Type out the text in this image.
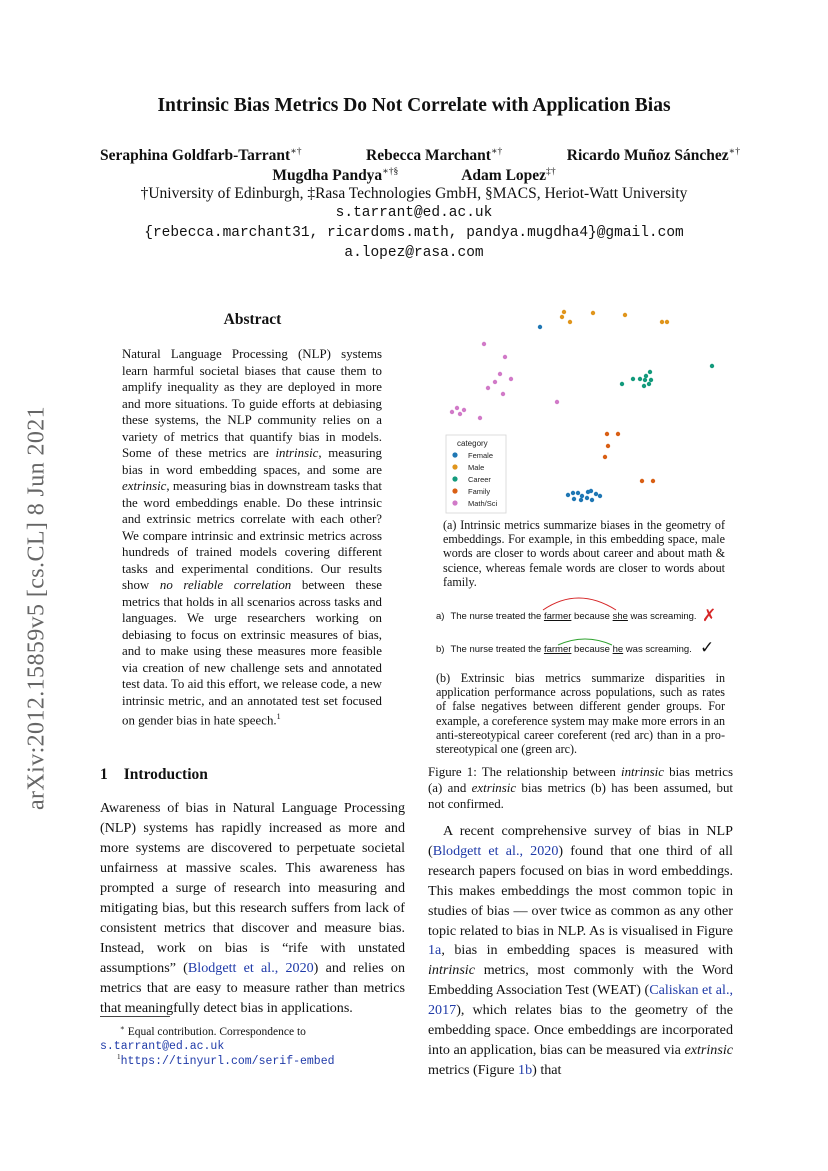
arXiv:2012.15859v5 [cs.CL] 8 Jun 2021
Intrinsic Bias Metrics Do Not Correlate with Application Bias
Seraphina Goldfarb-Tarrant∗†	Rebecca Marchant∗†	Ricardo Muñoz Sánchez∗†
Mugdha Pandya∗†§	Adam Lopez‡†
†University of Edinburgh, ‡Rasa Technologies GmbH, §MACS, Heriot-Watt University
s.tarrant@ed.ac.uk
{rebecca.marchant31, ricardoms.math, pandya.mugdha4}@gmail.com
a.lopez@rasa.com
Abstract
Natural Language Processing (NLP) systems learn harmful societal biases that cause them to amplify inequality as they are deployed in more and more situations. To guide efforts at debiasing these systems, the NLP community relies on a variety of metrics that quantify bias in models. Some of these metrics are intrinsic, measuring bias in word embedding spaces, and some are extrinsic, measuring bias in downstream tasks that the word embeddings enable. Do these intrinsic and extrinsic metrics correlate with each other? We compare intrinsic and extrinsic metrics across hundreds of trained models covering different tasks and experimental conditions. Our results show no reliable correlation between these metrics that holds in all scenarios across tasks and languages. We urge researchers working on debiasing to focus on extrinsic measures of bias, and to make using these measures more feasible via creation of new challenge sets and annotated test data. To aid this effort, we release code, a new intrinsic metric, and an annotated test set focused on gender bias in hate speech.$^1$
1 Introduction
Awareness of bias in Natural Language Processing (NLP) systems has rapidly increased as more and more systems are discovered to perpetuate societal unfairness at massive scales. This awareness has prompted a surge of research into measuring and mitigating bias, but this research suffers from lack of consistent metrics that discover and measure bias. Instead, work on bias is “rife with unstated assumptions” (Blodgett et al., 2020) and relies on metrics that are easy to measure rather than metrics that meaningfully detect bias in applications.
∗ Equal contribution. Correspondence to s.tarrant@ed.ac.uk
$^1$https://tinyurl.com/serif-embed
category
Female
Male
Career
Family
Math/Sci
(a) Intrinsic metrics summarize biases in the geometry of embeddings. For example, in this embedding space, male words are closer to words about career and about math & science, whereas female words are closer to words about family.
a) The nurse treated the farmer because she was screaming. ✗
b) The nurse treated the farmer because he was screaming. ✓
(b) Extrinsic bias metrics summarize disparities in application performance across populations, such as rates of false negatives between different gender groups. For example, a coreference system may make more errors in an anti-stereotypical career coreferent (red arc) than in a pro-stereotypical one (green arc).
Figure 1: The relationship between intrinsic bias metrics (a) and extrinsic bias metrics (b) has been assumed, but not confirmed.

A recent comprehensive survey of bias in NLP (Blodgett et al., 2020) found that one third of all research papers focused on bias in word embeddings. This makes embeddings the most common topic in studies of bias — over twice as common as any other topic related to bias in NLP. As is visualised in Figure 1a, bias in embedding spaces is measured with intrinsic metrics, most commonly with the Word Embedding Association Test (WEAT) (Caliskan et al., 2017), which relates bias to the geometry of the embedding space. Once embeddings are incorporated into an application, bias can be measured via extrinsic metrics (Figure 1b) that
